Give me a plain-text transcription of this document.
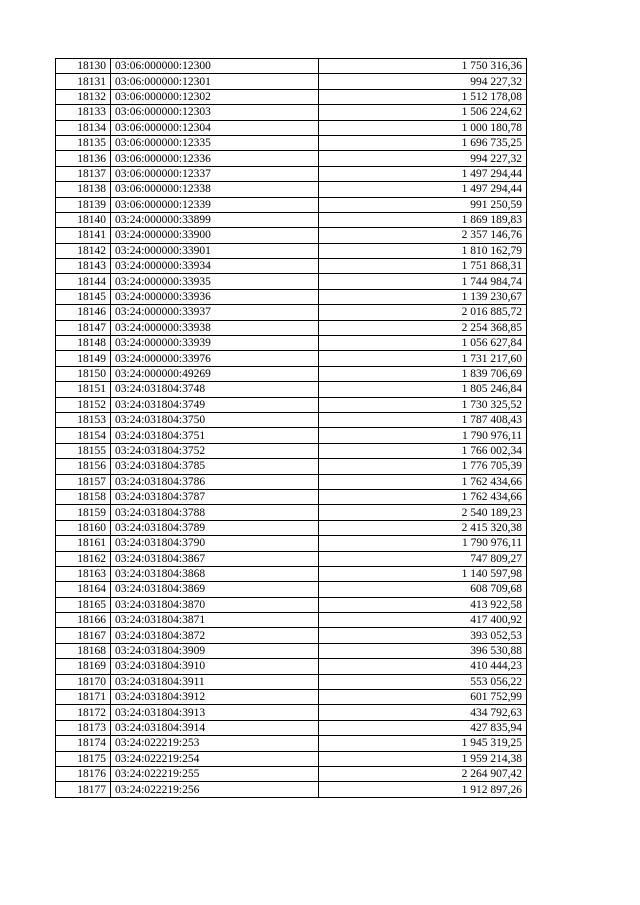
18130	03:06:000000:12300	1 750 316,36
18131	03:06:000000:12301	994 227,32
18132	03:06:000000:12302	1 512 178,08
18133	03:06:000000:12303	1 506 224,62
18134	03:06:000000:12304	1 000 180,78
18135	03:06:000000:12335	1 696 735,25
18136	03:06:000000:12336	994 227,32
18137	03:06:000000:12337	1 497 294,44
18138	03:06:000000:12338	1 497 294,44
18139	03:06:000000:12339	991 250,59
18140	03:24:000000:33899	1 869 189,83
18141	03:24:000000:33900	2 357 146,76
18142	03:24:000000:33901	1 810 162,79
18143	03:24:000000:33934	1 751 868,31
18144	03:24:000000:33935	1 744 984,74
18145	03:24:000000:33936	1 139 230,67
18146	03:24:000000:33937	2 016 885,72
18147	03:24:000000:33938	2 254 368,85
18148	03:24:000000:33939	1 056 627,84
18149	03:24:000000:33976	1 731 217,60
18150	03:24:000000:49269	1 839 706,69
18151	03:24:031804:3748	1 805 246,84
18152	03:24:031804:3749	1 730 325,52
18153	03:24:031804:3750	1 787 408,43
18154	03:24:031804:3751	1 790 976,11
18155	03:24:031804:3752	1 766 002,34
18156	03:24:031804:3785	1 776 705,39
18157	03:24:031804:3786	1 762 434,66
18158	03:24:031804:3787	1 762 434,66
18159	03:24:031804:3788	2 540 189,23
18160	03:24:031804:3789	2 415 320,38
18161	03:24:031804:3790	1 790 976,11
18162	03:24:031804:3867	747 809,27
18163	03:24:031804:3868	1 140 597,98
18164	03:24:031804:3869	608 709,68
18165	03:24:031804:3870	413 922,58
18166	03:24:031804:3871	417 400,92
18167	03:24:031804:3872	393 052,53
18168	03:24:031804:3909	396 530,88
18169	03:24:031804:3910	410 444,23
18170	03:24:031804:3911	553 056,22
18171	03:24:031804:3912	601 752,99
18172	03:24:031804:3913	434 792,63
18173	03:24:031804:3914	427 835,94
18174	03:24:022219:253	1 945 319,25
18175	03:24:022219:254	1 959 214,38
18176	03:24:022219:255	2 264 907,42
18177	03:24:022219:256	1 912 897,26
